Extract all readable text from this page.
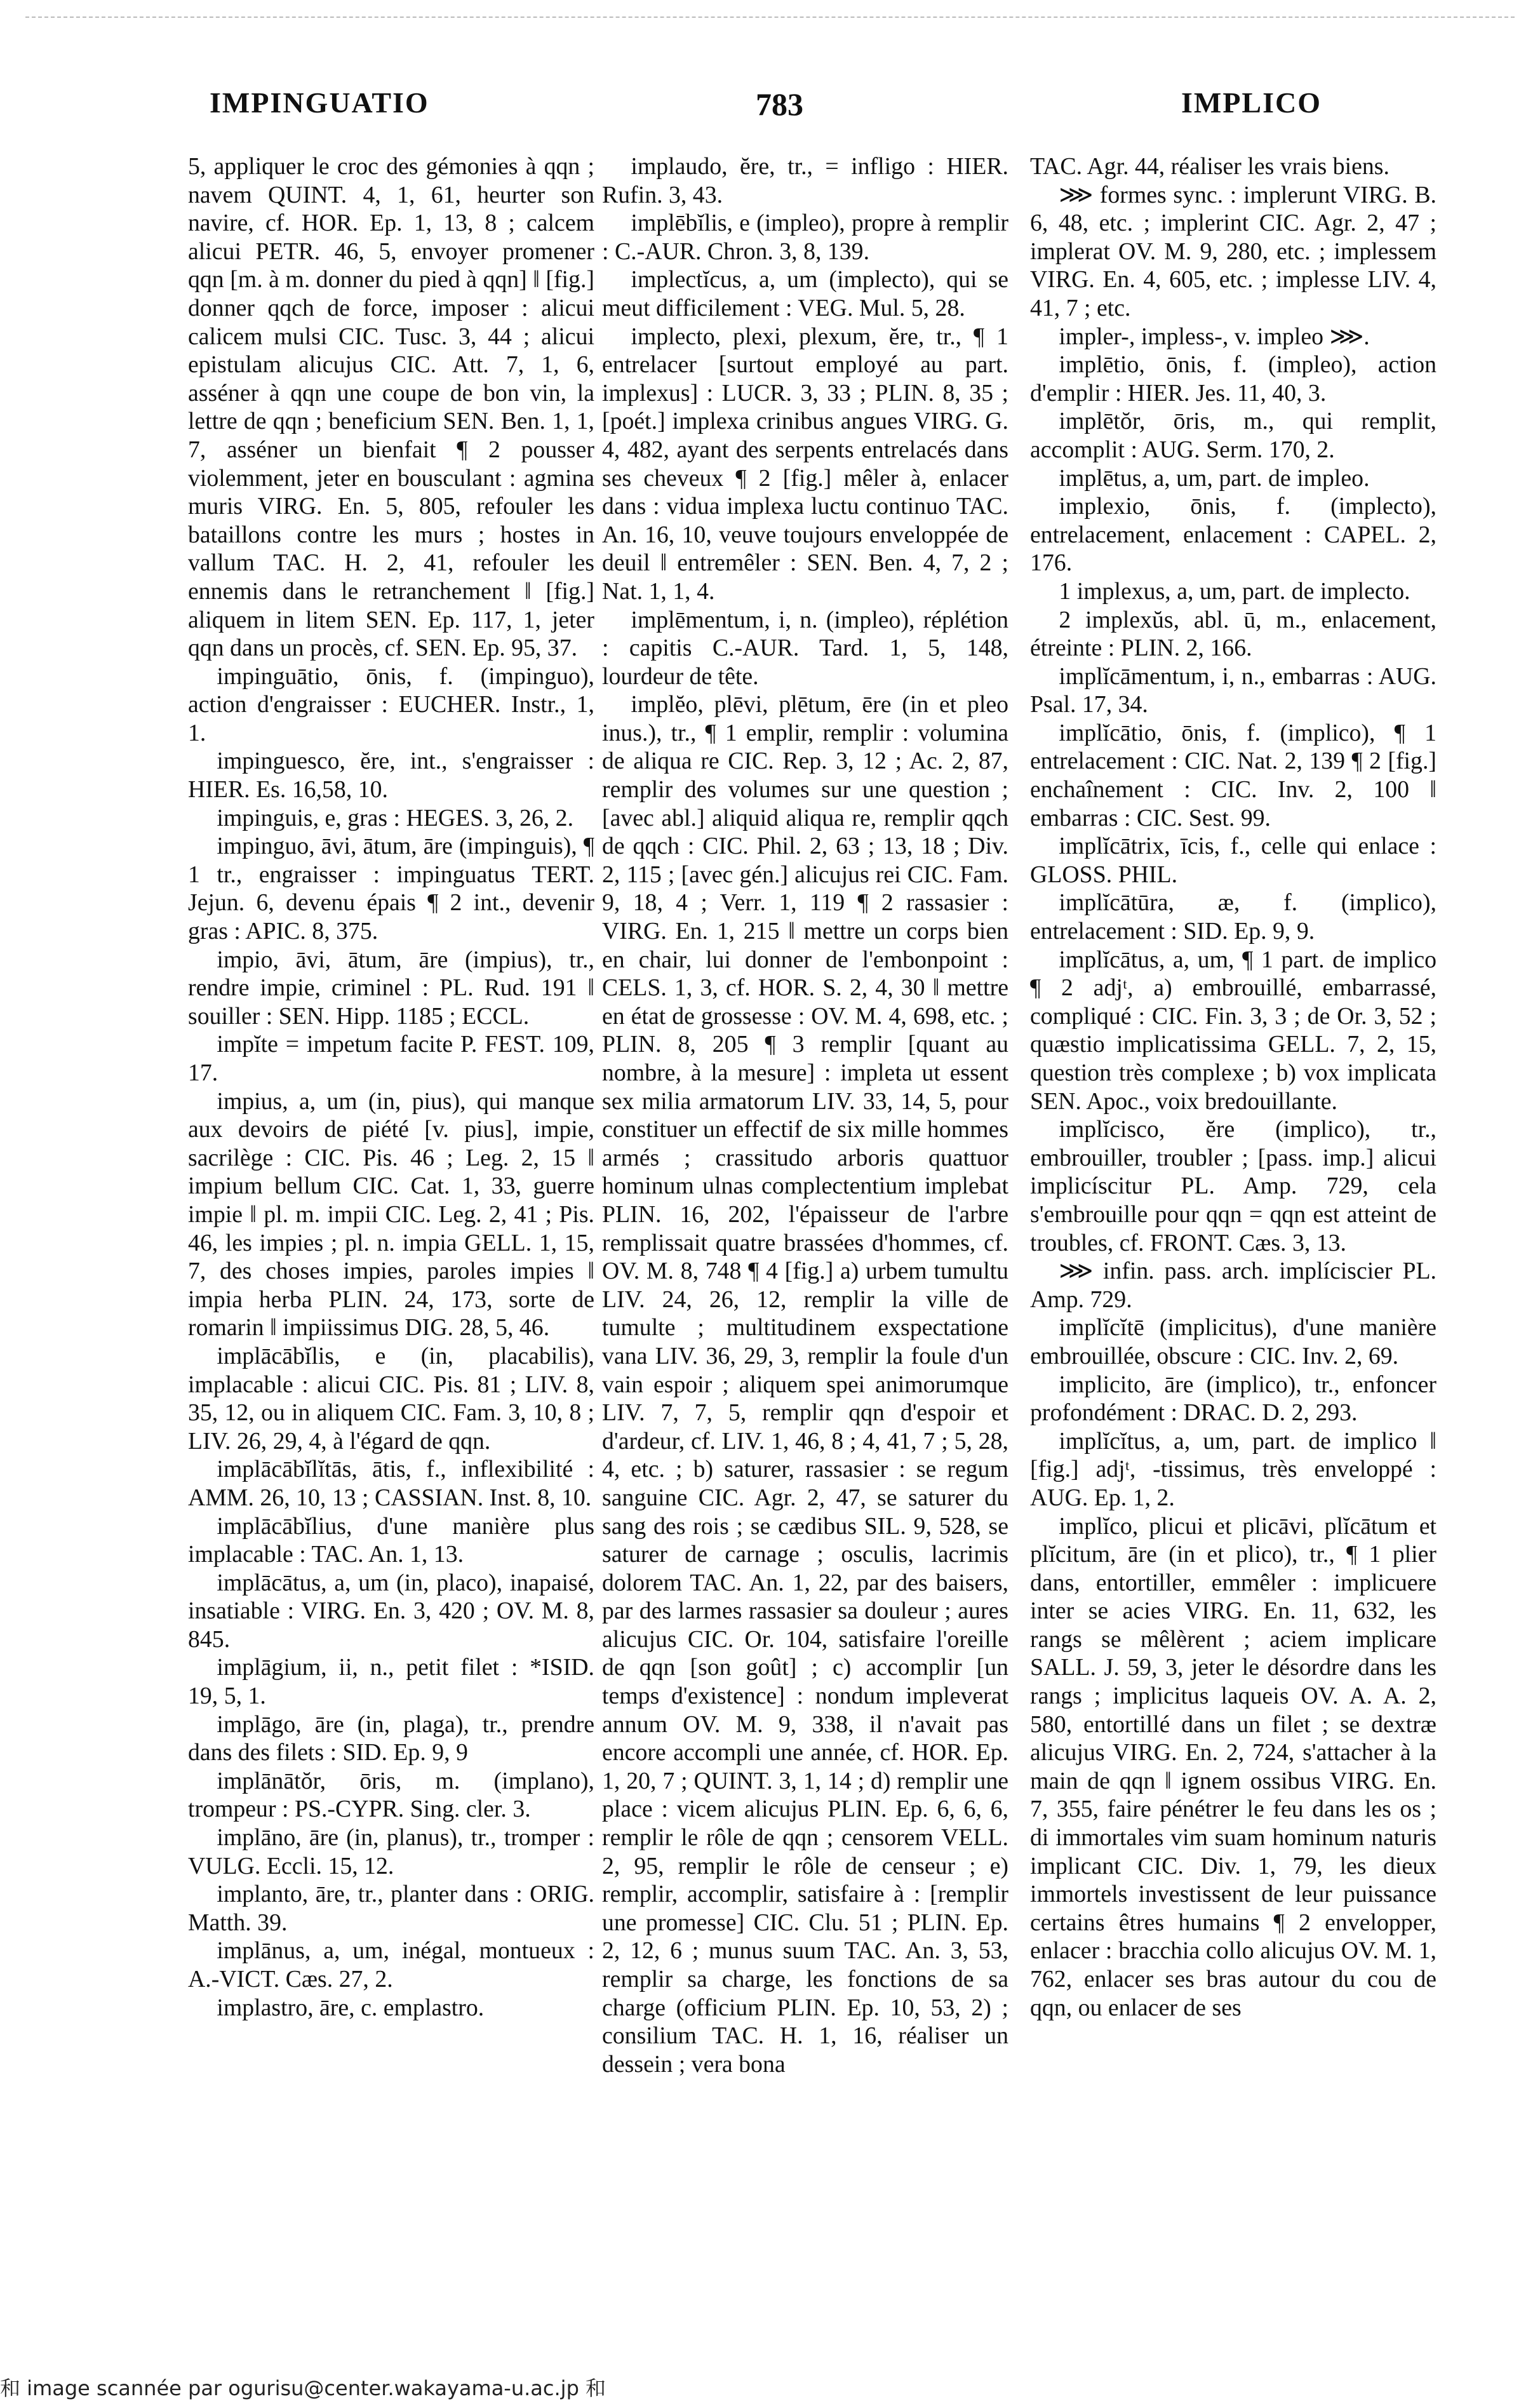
IMPINGUATIO	783	IMPLICO

5, appliquer le croc des gémonies à qqn ; navem QUINT. 4, 1, 61, heurter son navire, cf. HOR. Ep. 1, 13, 8 ; calcem alicui PETR. 46, 5, envoyer promener qqn [m. à m. donner du pied à qqn] ‖ [fig.] donner qqch de force, imposer : alicui calicem mulsi CIC. Tusc. 3, 44 ; alicui epistulam alicujus CIC. Att. 7, 1, 6, asséner à qqn une coupe de bon vin, la lettre de qqn ; beneficium SEN. Ben. 1, 1, 7, asséner un bienfait ¶ 2 pousser violemment, jeter en bousculant : agmina muris VIRG. En. 5, 805, refouler les bataillons contre les murs ; hostes in vallum TAC. H. 2, 41, refouler les ennemis dans le retranchement ‖ [fig.] aliquem in litem SEN. Ep. 117, 1, jeter qqn dans un procès, cf. SEN. Ep. 95, 37.

impinguātio, ōnis, f. (impinguo), action d'engraisser : EUCHER. Instr., 1, 1.

impinguesco, ĕre, int., s'engraisser : HIER. Es. 16,58, 10.

impinguis, e, gras : HEGES. 3, 26, 2.

impinguo, āvi, ātum, āre (impinguis), ¶ 1 tr., engraisser : impinguatus TERT. Jejun. 6, devenu épais ¶ 2 int., devenir gras : APIC. 8, 375.

impio, āvi, ātum, āre (impius), tr., rendre impie, criminel : PL. Rud. 191 ‖ souiller : SEN. Hipp. 1185 ; ECCL.

impĭte = impetum facite P. FEST. 109, 17.

impius, a, um (in, pius), qui manque aux devoirs de piété [v. pius], impie, sacrilège : CIC. Pis. 46 ; Leg. 2, 15 ‖ impium bellum CIC. Cat. 1, 33, guerre impie ‖ pl. m. impii CIC. Leg. 2, 41 ; Pis. 46, les impies ; pl. n. impia GELL. 1, 15, 7, des choses impies, paroles impies ‖ impia herba PLIN. 24, 173, sorte de romarin ‖ impiissimus DIG. 28, 5, 46.

implācābĭlis, e (in, placabilis), implacable : alicui CIC. Pis. 81 ; LIV. 8, 35, 12, ou in aliquem CIC. Fam. 3, 10, 8 ; LIV. 26, 29, 4, à l'égard de qqn.

implācābĭlĭtās, ātis, f., inflexibilité : AMM. 26, 10, 13 ; CASSIAN. Inst. 8, 10.

implācābĭlius, d'une manière plus implacable : TAC. An. 1, 13.

implācātus, a, um (in, placo), inapaisé, insatiable : VIRG. En. 3, 420 ; OV. M. 8, 845.

implāgium, ii, n., petit filet : *ISID. 19, 5, 1.

implāgo, āre (in, plaga), tr., prendre dans des filets : SID. Ep. 9, 9

implānātŏr, ōris, m. (implano), trompeur : PS.-CYPR. Sing. cler. 3.

implāno, āre (in, planus), tr., tromper : VULG. Eccli. 15, 12.

implanto, āre, tr., planter dans : ORIG. Matth. 39.

implānus, a, um, inégal, montueux : A.-VICT. Cæs. 27, 2.

implastro, āre, c. emplastro.

implaudo, ĕre, tr., = infligo : HIER. Rufin. 3, 43.

implēbĭlis, e (impleo), propre à remplir : C.-AUR. Chron. 3, 8, 139.

implectĭcus, a, um (implecto), qui se meut difficilement : VEG. Mul. 5, 28.

implecto, plexi, plexum, ĕre, tr., ¶ 1 entrelacer [surtout employé au part. implexus] : LUCR. 3, 33 ; PLIN. 8, 35 ; [poét.] implexa crinibus angues VIRG. G. 4, 482, ayant des serpents entrelacés dans ses cheveux ¶ 2 [fig.] mêler à, enlacer dans : vidua implexa luctu continuo TAC. An. 16, 10, veuve toujours enveloppée de deuil ‖ entremêler : SEN. Ben. 4, 7, 2 ; Nat. 1, 1, 4.

implēmentum, i, n. (impleo), réplétion : capitis C.-AUR. Tard. 1, 5, 148, lourdeur de tête.

implĕo, plēvi, plētum, ēre (in et pleo inus.), tr., ¶ 1 emplir, remplir : volumina de aliqua re CIC. Rep. 3, 12 ; Ac. 2, 87, remplir des volumes sur une question ; [avec abl.] aliquid aliqua re, remplir qqch de qqch : CIC. Phil. 2, 63 ; 13, 18 ; Div. 2, 115 ; [avec gén.] alicujus rei CIC. Fam. 9, 18, 4 ; Verr. 1, 119 ¶ 2 rassasier : VIRG. En. 1, 215 ‖ mettre un corps bien en chair, lui donner de l'embonpoint : CELS. 1, 3, cf. HOR. S. 2, 4, 30 ‖ mettre en état de grossesse : OV. M. 4, 698, etc. ; PLIN. 8, 205 ¶ 3 remplir [quant au nombre, à la mesure] : impleta ut essent sex milia armatorum LIV. 33, 14, 5, pour constituer un effectif de six mille hommes armés ; crassitudo arboris quattuor hominum ulnas complectentium implebat PLIN. 16, 202, l'épaisseur de l'arbre remplissait quatre brassées d'hommes, cf. OV. M. 8, 748 ¶ 4 [fig.] a) urbem tumultu LIV. 24, 26, 12, remplir la ville de tumulte ; multitudinem exspectatione vana LIV. 36, 29, 3, remplir la foule d'un vain espoir ; aliquem spei animorumque LIV. 7, 7, 5, remplir qqn d'espoir et d'ardeur, cf. LIV. 1, 46, 8 ; 4, 41, 7 ; 5, 28, 4, etc. ; b) saturer, rassasier : se regum sanguine CIC. Agr. 2, 47, se saturer du sang des rois ; se cædibus SIL. 9, 528, se saturer de carnage ; osculis, lacrimis dolorem TAC. An. 1, 22, par des baisers, par des larmes rassasier sa douleur ; aures alicujus CIC. Or. 104, satisfaire l'oreille de qqn [son goût] ; c) accomplir [un temps d'existence] : nondum impleverat annum OV. M. 9, 338, il n'avait pas encore accompli une année, cf. HOR. Ep. 1, 20, 7 ; QUINT. 3, 1, 14 ; d) remplir une place : vicem alicujus PLIN. Ep. 6, 6, 6, remplir le rôle de qqn ; censorem VELL. 2, 95, remplir le rôle de censeur ; e) remplir, accomplir, satisfaire à : [remplir une promesse] CIC. Clu. 51 ; PLIN. Ep. 2, 12, 6 ; munus suum TAC. An. 3, 53, remplir sa charge, les fonctions de sa charge (officium PLIN. Ep. 10, 53, 2) ; consilium TAC. H. 1, 16, réaliser un dessein ; vera bona

TAC. Agr. 44, réaliser les vrais biens.

⋙ formes sync. : implerunt VIRG. B. 6, 48, etc. ; implerint CIC. Agr. 2, 47 ; implerat OV. M. 9, 280, etc. ; implessem VIRG. En. 4, 605, etc. ; implesse LIV. 4, 41, 7 ; etc.

impler-, impless-, v. impleo ⋙.

implētio, ōnis, f. (impleo), action d'emplir : HIER. Jes. 11, 40, 3.

implētŏr, ōris, m., qui remplit, accomplit : AUG. Serm. 170, 2.

implētus, a, um, part. de impleo.

implexio, ōnis, f. (implecto), entrelacement, enlacement : CAPEL. 2, 176.

1 implexus, a, um, part. de implecto.

2 implexŭs, abl. ū, m., enlacement, étreinte : PLIN. 2, 166.

implĭcāmentum, i, n., embarras : AUG. Psal. 17, 34.

implĭcātio, ōnis, f. (implico), ¶ 1 entrelacement : CIC. Nat. 2, 139 ¶ 2 [fig.] enchaînement : CIC. Inv. 2, 100 ‖ embarras : CIC. Sest. 99.

implĭcātrix, īcis, f., celle qui enlace : GLOSS. PHIL.

implĭcātūra, æ, f. (implico), entrelacement : SID. Ep. 9, 9.

implĭcātus, a, um, ¶ 1 part. de implico ¶ 2 adjᵗ, a) embrouillé, embarrassé, compliqué : CIC. Fin. 3, 3 ; de Or. 3, 52 ; quæstio implicatissima GELL. 7, 2, 15, question très complexe ; b) vox implicata SEN. Apoc., voix bredouillante.

implĭcisco, ĕre (implico), tr., embrouiller, troubler ; [pass. imp.] alicui implicíscitur PL. Amp. 729, cela s'embrouille pour qqn = qqn est atteint de troubles, cf. FRONT. Cæs. 3, 13.

⋙ infin. pass. arch. implíciscier PL. Amp. 729.

implĭcĭtē (implicitus), d'une manière embrouillée, obscure : CIC. Inv. 2, 69.

implicito, āre (implico), tr., enfoncer profondément : DRAC. D. 2, 293.

implĭcĭtus, a, um, part. de implico ‖ [fig.] adjᵗ, -tissimus, très enveloppé : AUG. Ep. 1, 2.

implĭco, plicui et plicāvi, plĭcātum et plĭcitum, āre (in et plico), tr., ¶ 1 plier dans, entortiller, emmêler : implicuere inter se acies VIRG. En. 11, 632, les rangs se mêlèrent ; aciem implicare SALL. J. 59, 3, jeter le désordre dans les rangs ; implicitus laqueis OV. A. A. 2, 580, entortillé dans un filet ; se dextræ alicujus VIRG. En. 2, 724, s'attacher à la main de qqn ‖ ignem ossibus VIRG. En. 7, 355, faire pénétrer le feu dans les os ; di immortales vim suam hominum naturis implicant CIC. Div. 1, 79, les dieux immortels investissent de leur puissance certains êtres humains ¶ 2 envelopper, enlacer : bracchia collo alicujus OV. M. 1, 762, enlacer ses bras autour du cou de qqn, ou enlacer de ses

和 image scannée par ogurisu@center.wakayama-u.ac.jp 和
